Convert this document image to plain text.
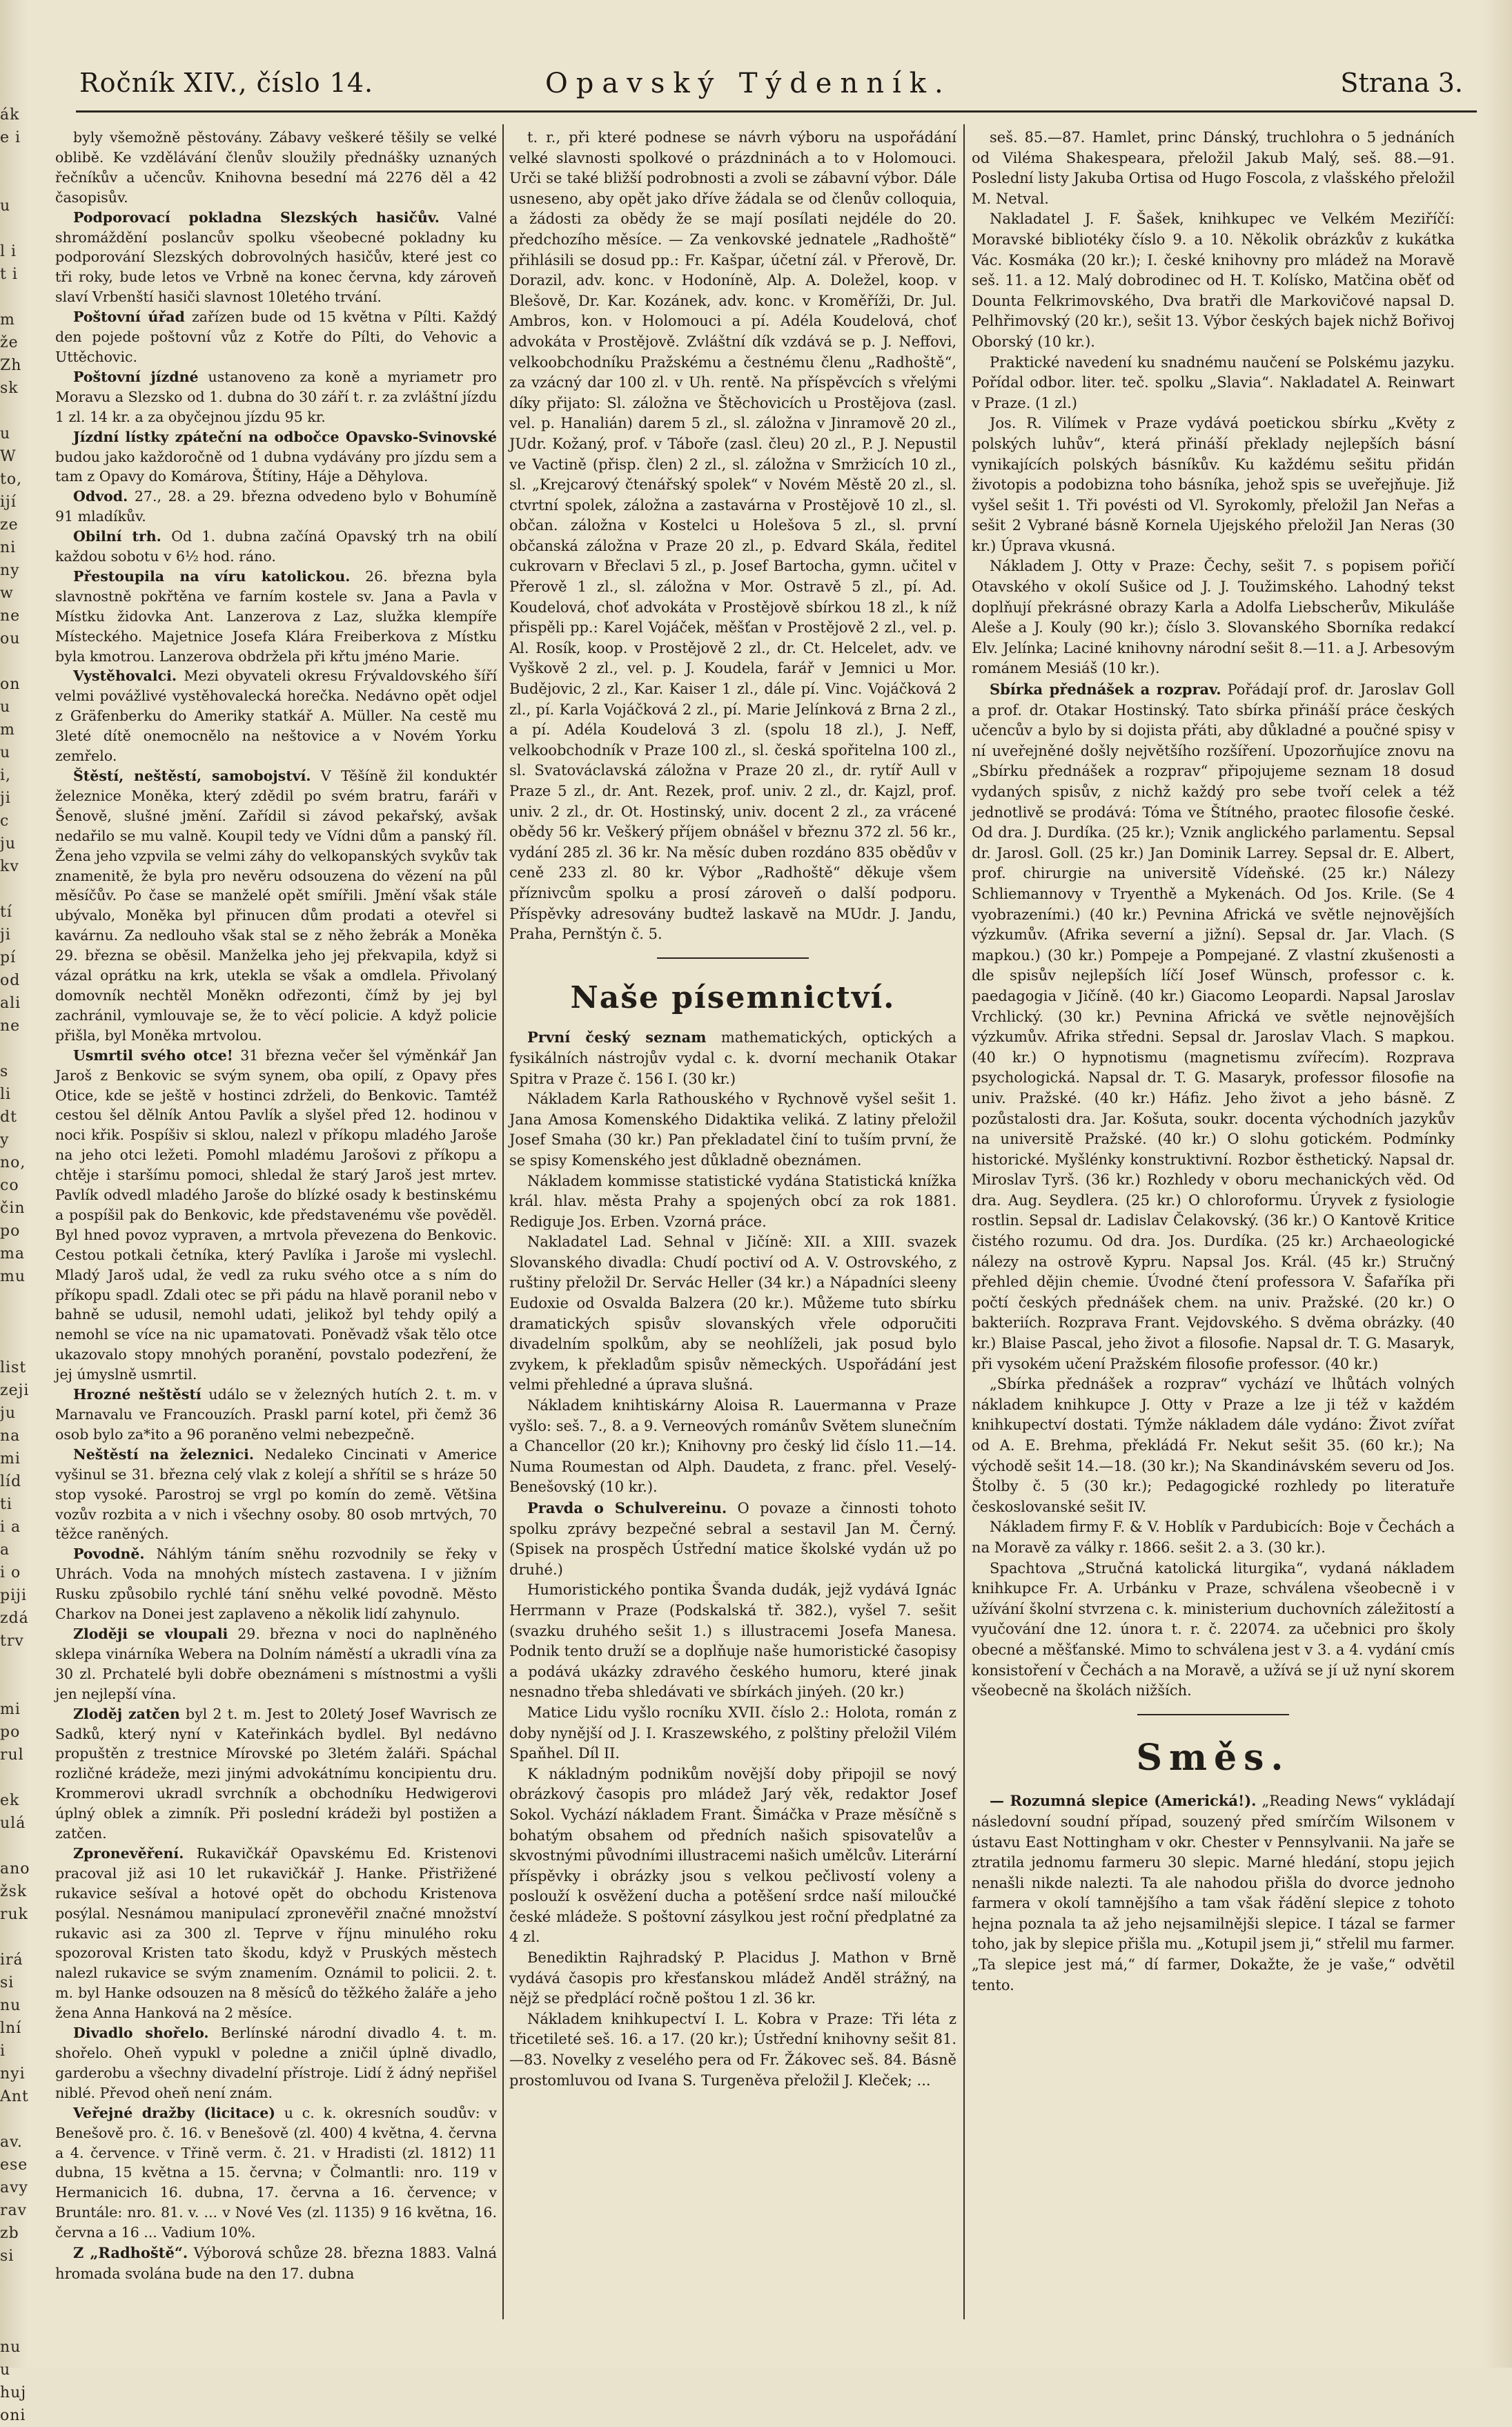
ák
e i

u

l i
t i

m
že
Zh
sk

u
W
to,
ijí
ze
ni
ny
w
ne
ou

on
u
m
u
i,
ji
c
ju
kv

tí
ji
pí
od
ali
ne

s
li
dt
y
no,
co
čin
po
ma
mu

list
zeji
ju
na
mi
líd
ti
i a
a
i o
piji
zdá
trv

mi
po
rul

ek
ulá

ano
žsk
ruk

irá
si
nu
lní
i
nyi
Ant

av.
ese
avy
rav
zb
si

nu
u
huj
oni
Ročník XIV., číslo 14.	Opavský Týdenník.	Strana 3.

byly všemožně pěstovány. Zábavy veškeré těšily se velké oblibě. Ke vzdělávání členův sloužily přednášky uznaných řečníkův a učencův. Knihovna besední má 2276 děl a 42 časopisův.

Podporovací pokladna Slezských hasičův. Valné shromáždění poslancův spolku všeobecné pokladny ku podporování Slezských dobrovolných hasičův, které jest co tři roky, bude letos ve Vrbně na konec června, kdy zároveň slaví Vrbenští hasiči slavnost 10letého trvání.

Poštovní úřad zařízen bude od 15 května v Pílti. Každý den pojede poštovní vůz z Kotře do Pílti, do Vehovic a Uttěchovic.

Poštovní jízdné ustanoveno za koně a myriametr pro Moravu a Slezsko od 1. dubna do 30 září t. r. za zvláštní jízdu 1 zl. 14 kr. a za obyčejnou jízdu 95 kr.

Jízdní lístky zpáteční na odbočce Opavsko-Svinovské budou jako každoročně od 1 dubna vydávány pro jízdu sem a tam z Opavy do Komárova, Štítiny, Háje a Děhylova.

Odvod. 27., 28. a 29. března odvedeno bylo v Bohumíně 91 mladíkův.

Obilní trh. Od 1. dubna začíná Opavský trh na obilí každou sobotu v 6½ hod. ráno.

Přestoupila na víru katolickou. 26. března byla slavnostně pokřtěna ve farním kostele sv. Jana a Pavla v Místku židovka Ant. Lanzerova z Laz, služka klempíře Místeckého. Majetnice Josefa Klára Freiberkova z Místku byla kmotrou. Lanzerova obdržela při křtu jméno Marie.

Vystěhovalci. Mezi obyvateli okresu Frývaldovského šíří velmi povážlivé vystěhovalecká horečka. Nedávno opět odjel z Gräfenberku do Ameriky statkář A. Müller. Na cestě mu 3leté dítě onemocnělo na neštovice a v Novém Yorku zemřelo.

Štěstí, neštěstí, samobojství. V Těšíně žil konduktér železnice Moněka, který zdědil po svém bratru, faráři v Šenově, slušné jmění. Zařídil si závod pekařský, avšak nedařilo se mu valně. Koupil tedy ve Vídni dům a panský říl. Žena jeho vzpvila se velmi záhy do velkopanských svykův tak znamenitě, že byla pro nevěru odsouzena do vězení na půl měsíčův. Po čase se manželé opět smířili. Jmění však stále ubývalo, Moněka byl přinucen dům prodati a otevřel si kavárnu. Za nedlouho však stal se z něho žebrák a Moněka 29. března se oběsil. Manželka jeho jej překvapila, když si vázal oprátku na krk, utekla se však a omdlela. Přivolaný domovník nechtěl Moněkn odřezonti, čímž by jej byl zachránil, vymlouvaje se, že to věcí policie. A když policie přišla, byl Moněka mrtvolou.

Usmrtil svého otce! 31 března večer šel výměnkář Jan Jaroš z Benkovic se svým synem, oba opilí, z Opavy přes Otice, kde se ještě v hostinci zdrželi, do Benkovic. Tamtéž cestou šel dělník Antou Pavlík a slyšel před 12. hodinou v noci křik. Pospíšiv si sklou, nalezl v příkopu mladého Jaroše na jeho otci ležeti. Pomohl mladému Jarošovi z příkopu a chtěje i staršímu pomoci, shledal že starý Jaroš jest mrtev. Pavlík odvedl mladého Jaroše do blízké osady k bestinskému a pospíšil pak do Benkovic, kde představenému vše pověděl. Byl hned povoz vypraven, a mrtvola převezena do Benkovic. Cestou potkali četníka, který Pavlíka i Jaroše mi vyslechl. Mladý Jaroš udal, že vedl za ruku svého otce a s ním do příkopu spadl. Zdali otec se při pádu na hlavě poranil nebo v bahně se udusil, nemohl udati, jelikož byl tehdy opilý a nemohl se více na nic upamatovati. Poněvadž však tělo otce ukazovalo stopy mnohých poranění, povstalo podezření, že jej úmyslně usmrtil.

Hrozné neštěstí událo se v železných hutích 2. t. m. v Marnavalu ve Francouzích. Praskl parní kotel, při čemž 36 osob bylo za*ito a 96 poraněno velmi nebezpečně.

Neštěstí na železnici. Nedaleko Cincinati v Americe vyšinul se 31. března celý vlak z kolejí a shřítil se s hráze 50 stop vysoké. Parostroj se vrgl po komín do země. Většina vozův rozbita a v nich i všechny osoby. 80 osob mrtvých, 70 těžce raněných.

Povodně. Náhlým táním sněhu rozvodnily se řeky v Uhrách. Voda na mnohých místech zastavena. I v jižním Rusku způsobilo rychlé tání sněhu velké povodně. Město Charkov na Donei jest zaplaveno a několik lidí zahynulo.

Zloději se vloupali 29. března v noci do naplněného sklepa vinárníka Webera na Dolním náměstí a ukradli vína za 30 zl. Prchatelé byli dobře obeznámeni s místnostmi a vyšli jen nejlepší vína.

Zloděj zatčen byl 2 t. m. Jest to 20letý Josef Wavrisch ze Sadků, který nyní v Kateřinkách bydlel. Byl nedávno propuštěn z trestnice Mírovské po 3letém žaláři. Spáchal rozličné krádeže, mezi jinými advokátnímu koncipientu dru. Krommerovi ukradl svrchník a obchodníku Hedwigerovi úplný oblek a zimník. Při poslední krádeži byl postižen a zatčen.

Zpronevěření. Rukavičkář Opavskému Ed. Kristenovi pracoval již asi 10 let rukavičkář J. Hanke. Přistřižené rukavice sešíval a hotové opět do obchodu Kristenova posýlal. Nesnámou manipulací zpronevěřil značné množství rukavic asi za 300 zl. Teprve v říjnu minulého roku spozoroval Kristen tato škodu, když v Pruských městech nalezl rukavice se svým znamením. Oznámil to policii. 2. t. m. byl Hanke odsouzen na 8 měsíců do těžkého žaláře a jeho žena Anna Hanková na 2 měsíce.

Divadlo shořelo. Berlínské národní divadlo 4. t. m. shořelo. Oheň vypukl v poledne a zničil úplně divadlo, garderobu a všechny divadelní přístroje. Lidí ž ádný nepřišel niblé. Převod oheň není znám.

Veřejné dražby (licitace) u c. k. okresních soudův: v Benešově pro. č. 16. v Benešově (zl. 400) 4 května, 4. června a 4. července. v Třině verm. č. 21. v Hradisti (zl. 1812) 11 dubna, 15 května a 15. června; v Čolmantli: nro. 119 v Hermanicich 16. dubna, 17. června a 16. července; v Bruntále: nro. 81. v. ... v Nové Ves (zl. 1135) 9 16 května, 16. června a 16 ... Vadium 10%.

Z „Radhoště“. Výborová schůze 28. března 1883. Valná hromada svolána bude na den 17. dubna

t. r., při které podnese se návrh výboru na uspořádání velké slavnosti spolkové o prázdninách a to v Holomouci. Urči se také bližší podrobnosti a zvoli se zábavní výbor. Dále usneseno, aby opět jako dříve žádala se od členův colloquia, a žádosti za obědy že se mají posílati nejdéle do 20. předchozího měsíce. — Za venkovské jednatele „Radhoště“ přihlásili se dosud pp.: Fr. Kašpar, účetní zál. v Přerově, Dr. Dorazil, adv. konc. v Hodoníně, Alp. A. Doležel, koop. v Blešově, Dr. Kar. Kozánek, adv. konc. v Kroměříži, Dr. Jul. Ambros, kon. v Holomouci a pí. Adéla Koudelová, choť advokáta v Prostějově. Zvláštní dík vzdává se p. J. Neffovi, velkoobchodníku Pražskému a čestnému členu „Radhoště“, za vzácný dar 100 zl. v Uh. rentě. Na příspěvcích s vřelými díky přijato: Sl. záložna ve Štěchovicích u Prostějova (zasl. vel. p. Hanalián) darem 5 zl., sl. záložna v Jinramově 20 zl., JUdr. Kožaný, prof. v Táboře (zasl. čleu) 20 zl., P. J. Nepustil ve Vactině (přisp. člen) 2 zl., sl. záložna v Smržicích 10 zl., sl. „Krejcarový čtenářský spolek“ v Novém Městě 20 zl., sl. ctvrtní spolek, záložna a zastavárna v Prostějově 10 zl., sl. občan. záložna v Kostelci u Holešova 5 zl., sl. první občanská záložna v Praze 20 zl., p. Edvard Skála, ředitel cukrovarn v Břeclavi 5 zl., p. Josef Bartocha, gymn. učitel v Přerově 1 zl., sl. záložna v Mor. Ostravě 5 zl., pí. Ad. Koudelová, choť advokáta v Prostějově sbírkou 18 zl., k níž přispěli pp.: Karel Vojáček, měšťan v Prostějově 2 zl., vel. p. Al. Rosík, koop. v Prostějově 2 zl., dr. Ct. Helcelet, adv. ve Vyškově 2 zl., vel. p. J. Koudela, farář v Jemnici u Mor. Budějovic, 2 zl., Kar. Kaiser 1 zl., dále pí. Vinc. Vojáčková 2 zl., pí. Karla Vojáčková 2 zl., pí. Marie Jelínková z Brna 2 zl., a pí. Adéla Koudelová 3 zl. (spolu 18 zl.), J. Neff, velkoobchodník v Praze 100 zl., sl. česká spořitelna 100 zl., sl. Svatováclavská záložna v Praze 20 zl., dr. rytíř Aull v Praze 5 zl., dr. Ant. Rezek, prof. univ. 2 zl., dr. Kajzl, prof. univ. 2 zl., dr. Ot. Hostinský, univ. docent 2 zl., za vrácené obědy 56 kr. Veškerý příjem obnášel v březnu 372 zl. 56 kr., vydání 285 zl. 36 kr. Na měsíc duben rozdáno 835 obědův v ceně 233 zl. 80 kr. Výbor „Radhoště“ děkuje všem příznivcům spolku a prosí zároveň o další podporu. Příspěvky adresovány budtež laskavě na MUdr. J. Jandu, Praha, Pernštýn č. 5.

Naše písemnictví.

První český seznam mathematických, optických a fysikálních nástrojův vydal c. k. dvorní mechanik Otakar Spitra v Praze č. 156 I. (30 kr.)

Nákladem Karla Rathouského v Rychnově vyšel sešit 1. Jana Amosa Komenského Didaktika veliká. Z latiny přeložil Josef Smaha (30 kr.) Pan překladatel činí to tuším první, že se spisy Komenského jest důkladně obeznámen.

Nákladem kommisse statistické vydána Statistická knížka král. hlav. města Prahy a spojených obcí za rok 1881. Rediguje Jos. Erben. Vzorná práce.

Nakladatel Lad. Sehnal v Jičíně: XII. a XIII. svazek Slovanského divadla: Chudí poctiví od A. V. Ostrovského, z ruštiny přeložil Dr. Servác Heller (34 kr.) a Nápadníci sleeny Eudoxie od Osvalda Balzera (20 kr.). Můžeme tuto sbírku dramatických spisův slovanských vřele odporučiti divadelním spolkům, aby se neohlíželi, jak posud bylo zvykem, k překladům spisův německých. Uspořádání jest velmi přehledné a úprava slušná.

Nákladem knihtiskárny Aloisa R. Lauermanna v Praze vyšlo: seš. 7., 8. a 9. Verneových románův Světem slunečním a Chancellor (20 kr.); Knihovny pro český lid číslo 11.—14. Numa Roumestan od Alph. Daudeta, z franc. přel. Veselý-Benešovský (10 kr.).

Pravda o Schulvereinu. O povaze a činnosti tohoto spolku zprávy bezpečné sebral a sestavil Jan M. Černý. (Spisek na prospěch Ústřední matice školské vydán už po druhé.)

Humoristického pontika Švanda dudák, jejž vydává Ignác Herrmann v Praze (Podskalská tř. 382.), vyšel 7. sešit (svazku druhého sešit 1.) s illustracemi Josefa Manesa. Podnik tento druží se a doplňuje naše humoristické časopisy a podává ukázky zdravého českého humoru, které jinak nesnadno třeba shledávati ve sbírkách jinýeh. (20 kr.)

Matice Lidu vyšlo rocníku XVII. číslo 2.: Holota, román z doby nynější od J. I. Kraszewského, z polštiny přeložil Vilém Spaňhel. Díl II.

K nákladným podnikům novější doby připojil se nový obrázkový časopis pro mládež Jarý věk, redaktor Josef Sokol. Vychází nákladem Frant. Šimáčka v Praze měsíčně s bohatým obsahem od předních našich spisovatelův a skvostnými původními illustracemi našich umělcův. Literární příspěvky i obrázky jsou s velkou pečlivostí voleny a poslouží k osvěžení ducha a potěšení srdce naší miloučké české mládeže. S poštovní zásylkou jest roční předplatné za 4 zl.

Benediktin Rajhradský P. Placidus J. Mathon v Brně vydává časopis pro křesťanskou mládež Anděl strážný, na nějž se předplácí ročně poštou 1 zl. 36 kr.

Nákladem knihkupectví I. L. Kobra v Praze: Tři léta z třicetileté seš. 16. a 17. (20 kr.); Ústřední knihovny sešit 81.—83. Novelky z veselého pera od Fr. Žákovec seš. 84. Básně prostomluvou od Ivana S. Turgeněva přeložil J. Kleček; ...

seš. 85.—87. Hamlet, princ Dánský, truchlohra o 5 jednáních od Viléma Shakespeara, přeložil Jakub Malý, seš. 88.—91. Poslední listy Jakuba Ortisa od Hugo Foscola, z vlašského přeložil M. Netval.

Nakladatel J. F. Šašek, knihkupec ve Velkém Meziříčí: Moravské bibliotéky číslo 9. a 10. Několik obrázkův z kukátka Vác. Kosmáka (20 kr.); I. české knihovny pro mládež na Moravě seš. 11. a 12. Malý dobrodinec od H. T. Kolísko, Matčina oběť od Dounta Felkrimovského, Dva bratři dle Markovičové napsal D. Pelhřimovský (20 kr.), sešit 13. Výbor českých bajek nichž Bořivoj Oborský (10 kr.).

Praktické navedení ku snadnému naučení se Polskému jazyku. Pořídal odbor. liter. teč. spolku „Slavia“. Nakladatel A. Reinwart v Praze. (1 zl.)

Jos. R. Vilímek v Praze vydává poetickou sbírku „Květy z polských luhův“, která přináší překlady nejlepších básní vynikajících polských básníkův. Ku každému sešitu přidán životopis a podobizna toho básníka, jehož spis se uveřejňuje. Již vyšel sešit 1. Tři povésti od Vl. Syrokomly, přeložil Jan Neřas a sešit 2 Vybrané básně Kornela Ujejského přeložil Jan Neras (30 kr.) Úprava vkusná.

Nákladem J. Otty v Praze: Čechy, sešit 7. s popisem pořičí Otavského v okolí Sušice od J. J. Toužimského. Lahodný tekst doplňují překrásné obrazy Karla a Adolfa Liebscherův, Mikuláše Aleše a J. Kouly (90 kr.); číslo 3. Slovanského Sborníka redakcí Elv. Jelínka; Laciné knihovny národní sešit 8.—11. a J. Arbesovým románem Mesiáš (10 kr.).

Sbírka přednášek a rozprav. Pořádají prof. dr. Jaroslav Goll a prof. dr. Otakar Hostinský. Tato sbírka přináší práce českých učencův a bylo by si dojista přáti, aby důkladné a poučné spisy v ní uveřejněné došly největšího rozšíření. Upozorňujíce znovu na „Sbírku přednášek a rozprav“ připojujeme seznam 18 dosud vydaných spisův, z nichž každý pro sebe tvoří celek a též jednotlivě se prodává: Tóma ve Štítného, praotec filosofie české. Od dra. J. Durdíka. (25 kr.); Vznik anglického parlamentu. Sepsal dr. Jarosl. Goll. (25 kr.) Jan Dominik Larrey. Sepsal dr. E. Albert, prof. chirurgie na universitě Vídeňské. (25 kr.) Nálezy Schliemannovy v Tryenthě a Mykenách. Od Jos. Krile. (Se 4 vyobrazeními.) (40 kr.) Pevnina Africká ve světle nejnovějších výzkumův. (Afrika severní a jižní). Sepsal dr. Jar. Vlach. (S mapkou.) (30 kr.) Pompeje a Pompejané. Z vlastní zkušenosti a dle spisův nejlepších líčí Josef Wünsch, professor c. k. paedagogia v Jičíně. (40 kr.) Giacomo Leopardi. Napsal Jaroslav Vrchlický. (30 kr.) Pevnina Africká ve světle nejnovějších výzkumův. Afrika středni. Sepsal dr. Jaroslav Vlach. S mapkou. (40 kr.) O hypnotismu (magnetismu zvířecím). Rozprava psychologická. Napsal dr. T. G. Masaryk, professor filosofie na univ. Pražské. (40 kr.) Háfiz. Jeho život a jeho básně. Z pozůstalosti dra. Jar. Košuta, soukr. docenta východních jazykův na universitě Pražské. (40 kr.) O slohu gotickém. Podmínky historické. Myšlénky konstruktivní. Rozbor ěsthetický. Napsal dr. Miroslav Tyrš. (36 kr.) Rozhledy v oboru mechanických věd. Od dra. Aug. Seydlera. (25 kr.) O chloroformu. Úryvek z fysiologie rostlin. Sepsal dr. Ladislav Čelakovský. (36 kr.) O Kantově Kritice čistého rozumu. Od dra. Jos. Durdíka. (25 kr.) Archaeologické nálezy na ostrově Kypru. Napsal Jos. Král. (45 kr.) Stručný přehled dějin chemie. Úvodné čtení professora V. Šafaříka při počtí českých přednášek chem. na univ. Pražské. (20 kr.) O bakteriích. Rozprava Frant. Vejdovského. S dvěma obrázky. (40 kr.) Blaise Pascal, jeho život a filosofie. Napsal dr. T. G. Masaryk, při vysokém učení Pražském filosofie professor. (40 kr.)

„Sbírka přednášek a rozprav“ vychází ve lhůtách volných nákladem knihkupce J. Otty v Praze a lze ji též v každém knihkupectví dostati. Týmže nákladem dále vydáno: Život zvířat od A. E. Brehma, překládá Fr. Nekut sešit 35. (60 kr.); Na východě sešit 14.—18. (30 kr.); Na Skandinávském severu od Jos. Štolby č. 5 (30 kr.); Pedagogické rozhledy po literatuře českoslovanské sešit IV.

Nákladem firmy F. & V. Hoblík v Pardubicích: Boje v Čechách a na Moravě za války r. 1866. sešit 2. a 3. (30 kr.).

Spachtova „Stručná katolická liturgika“, vydaná nákladem knihkupce Fr. A. Urbánku v Praze, schválena všeobecně i v užívání školní stvrzena c. k. ministerium duchovních záležitostí a vyučování dne 12. února t. r. č. 22074. za učebnici pro školy obecné a měšťanské. Mimo to schválena jest v 3. a 4. vydání cmís konsistoření v Čechách a na Moravě, a užívá se jí už nyní skorem všeobecně na školách nižších.

Směs.

— Rozumná slepice (Americká!). „Reading News“ vykládají následovní soudní případ, souzený před smírčím Wilsonem v ústavu East Nottingham v okr. Chester v Pennsylvanii. Na jaře se ztratila jednomu farmeru 30 slepic. Marné hledání, stopu jejich nenašli nikde nalezti. Ta ale nahodou přišla do dvorce jednoho farmera v okolí tamnějšího a tam však řádění slepice z tohoto hejna poznala ta až jeho nejsamilnějši slepice. I tázal se farmer toho, jak by slepice přišla mu. „Kotupil jsem ji,“ střelil mu farmer. „Ta slepice jest má,“ dí farmer, Dokažte, že je vaše,“ odvětil tento.
